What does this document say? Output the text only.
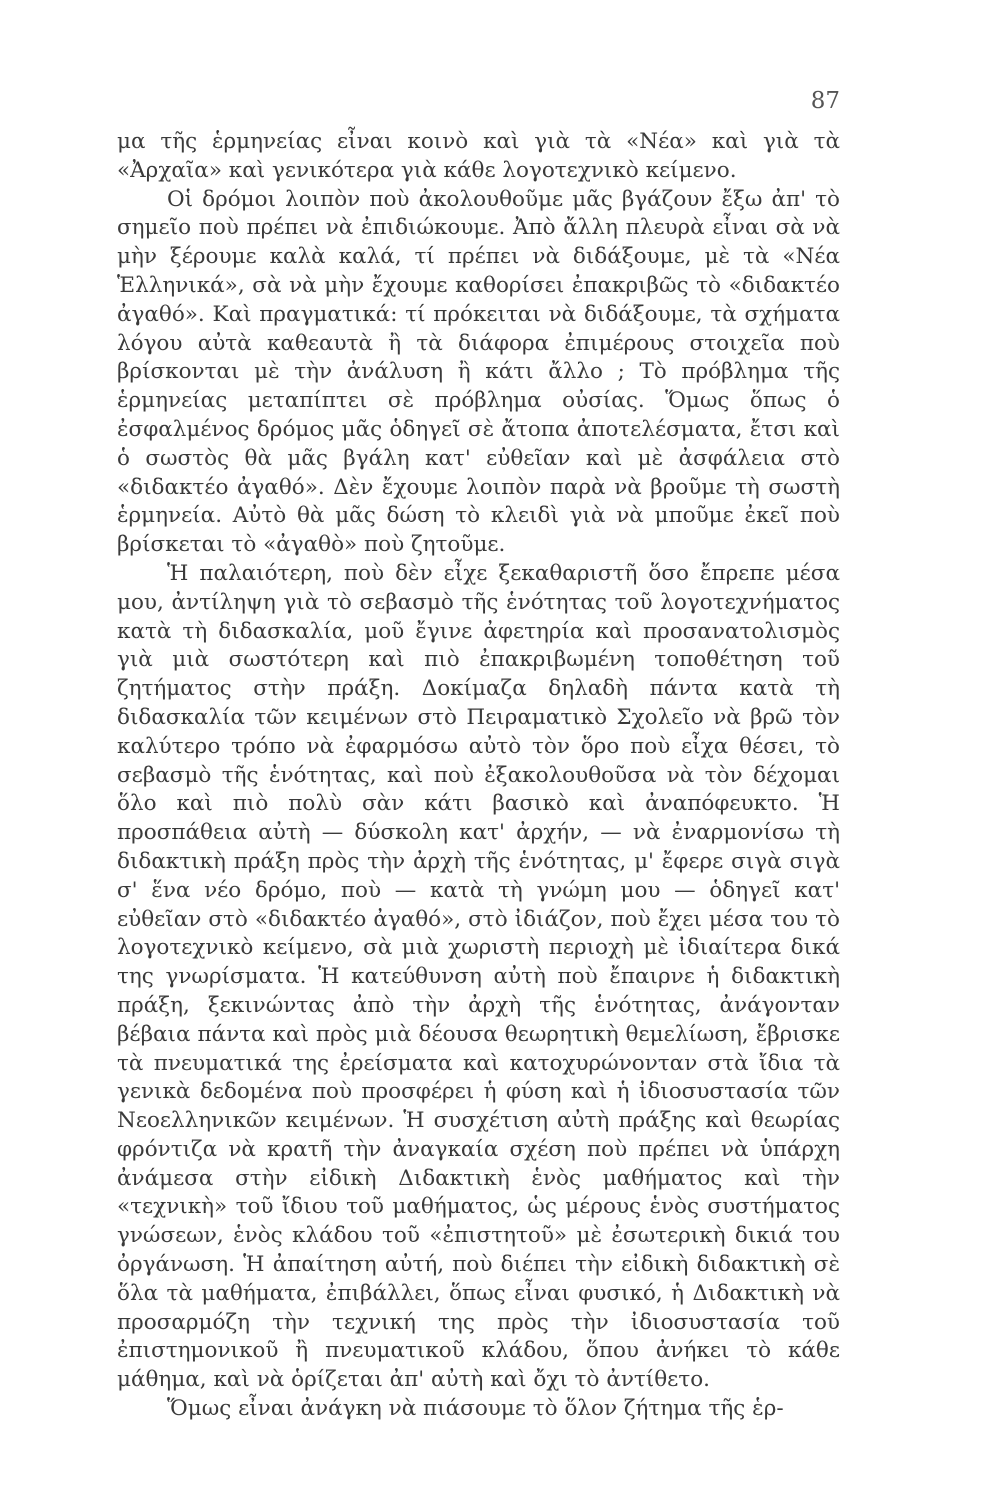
87

μα τῆς ἑρμηνείας εἶναι κοινὸ καὶ γιὰ τὰ «Νέα» καὶ γιὰ τὰ «Ἀρχαῖα» καὶ γενικότερα γιὰ κάθε λογοτεχνικὸ κείμενο.

Οἱ δρόμοι λοιπὸν ποὺ ἀκολουθοῦμε μᾶς βγάζουν ἔξω ἀπ' τὸ σημεῖο ποὺ πρέπει νὰ ἐπιδιώκουμε. Ἀπὸ ἄλλη πλευρὰ εἶναι σὰ νὰ μὴν ξέρουμε καλὰ καλά, τί πρέπει νὰ διδάξουμε, μὲ τὰ «Νέα Ἑλληνικά», σὰ νὰ μὴν ἔχουμε καθορίσει ἐπακριβῶς τὸ «διδακτέο ἀγαθό». Καὶ πραγματικά: τί πρόκειται νὰ διδάξουμε, τὰ σχήματα λόγου αὐτὰ καθεαυτὰ ἢ τὰ διάφορα ἐπιμέρους στοιχεῖα ποὺ βρίσκονται μὲ τὴν ἀνάλυση ἢ κάτι ἄλλο ; Τὸ πρόβλημα τῆς ἑρμηνείας μεταπίπτει σὲ πρόβλημα οὐσίας. Ὅμως ὅπως ὁ ἐσφαλμένος δρόμος μᾶς ὁδηγεῖ σὲ ἄτοπα ἀποτελέσματα, ἔτσι καὶ ὁ σωστὸς θὰ μᾶς βγάλη κατ' εὐθεῖαν καὶ μὲ ἀσφάλεια στὸ «διδακτέο ἀγαθό». Δὲν ἔχουμε λοιπὸν παρὰ νὰ βροῦμε τὴ σωστὴ ἑρμηνεία. Αὐτὸ θὰ μᾶς δώση τὸ κλειδὶ γιὰ νὰ μποῦμε ἐκεῖ ποὺ βρίσκεται τὸ «ἀγαθὸ» ποὺ ζητοῦμε.

Ἡ παλαιότερη, ποὺ δὲν εἶχε ξεκαθαριστῆ ὅσο ἔπρεπε μέσα μου, ἀντίληψη γιὰ τὸ σεβασμὸ τῆς ἑνότητας τοῦ λογοτεχνήματος κατὰ τὴ διδασκαλία, μοῦ ἔγινε ἀφετηρία καὶ προσανατολισμὸς γιὰ μιὰ σωστότερη καὶ πιὸ ἐπακριβωμένη τοποθέτηση τοῦ ζητήματος στὴν πράξη. Δοκίμαζα δηλαδὴ πάντα κατὰ τὴ διδασκαλία τῶν κειμένων στὸ Πειραματικὸ Σχολεῖο νὰ βρῶ τὸν καλύτερο τρόπο νὰ ἐφαρμόσω αὐτὸ τὸν ὅρο ποὺ εἶχα θέσει, τὸ σεβασμὸ τῆς ἑνότητας, καὶ ποὺ ἐξακολουθοῦσα νὰ τὸν δέχομαι ὅλο καὶ πιὸ πολὺ σὰν κάτι βασικὸ καὶ ἀναπόφευκτο. Ἡ προσπάθεια αὐτὴ — δύσκολη κατ' ἀρχήν, — νὰ ἐναρμονίσω τὴ διδακτικὴ πράξη πρὸς τὴν ἀρχὴ τῆς ἑνότητας, μ' ἔφερε σιγὰ σιγὰ σ' ἕνα νέο δρόμο, ποὺ — κατὰ τὴ γνώμη μου — ὁδηγεῖ κατ' εὐθεῖαν στὸ «διδακτέο ἀγαθό», στὸ ἰδιάζον, ποὺ ἔχει μέσα του τὸ λογοτεχνικὸ κείμενο, σὰ μιὰ χωριστὴ περιοχὴ μὲ ἰδιαίτερα δικά της γνωρίσματα. Ἡ κατεύθυνση αὐτὴ ποὺ ἔπαιρνε ἡ διδακτικὴ πράξη, ξεκινώντας ἀπὸ τὴν ἀρχὴ τῆς ἑνότητας, ἀνάγονταν βέβαια πάντα καὶ πρὸς μιὰ δέουσα θεωρητικὴ θεμελίωση, ἔβρισκε τὰ πνευματικά της ἐρείσματα καὶ κατοχυρώνονταν στὰ ἴδια τὰ γενικὰ δεδομένα ποὺ προσφέρει ἡ φύση καὶ ἡ ἰδιοσυστασία τῶν Νεοελληνικῶν κειμένων. Ἡ συσχέτιση αὐτὴ πράξης καὶ θεωρίας φρόντιζα νὰ κρατῆ τὴν ἀναγκαία σχέση ποὺ πρέπει νὰ ὑπάρχη ἀνάμεσα στὴν εἰδικὴ Διδακτικὴ ἑνὸς μαθήματος καὶ τὴν «τεχνικὴ» τοῦ ἴδιου τοῦ μαθήματος, ὡς μέρους ἑνὸς συστήματος γνώσεων, ἑνὸς κλάδου τοῦ «ἐπιστητοῦ» μὲ ἐσωτερικὴ δικιά του ὀργάνωση. Ἡ ἀπαίτηση αὐτή, ποὺ διέπει τὴν εἰδικὴ διδακτικὴ σὲ ὅλα τὰ μαθήματα, ἐπιβάλλει, ὅπως εἶναι φυσικό, ἡ Διδακτικὴ νὰ προσαρμόζη τὴν τεχνική της πρὸς τὴν ἰδιοσυστασία τοῦ ἐπιστημονικοῦ ἢ πνευματικοῦ κλάδου, ὅπου ἀνήκει τὸ κάθε μάθημα, καὶ νὰ ὁρίζεται ἀπ' αὐτὴ καὶ ὄχι τὸ ἀντίθετο.

Ὅμως εἶναι ἀνάγκη νὰ πιάσουμε τὸ ὅλον ζήτημα τῆς ἑρ-
